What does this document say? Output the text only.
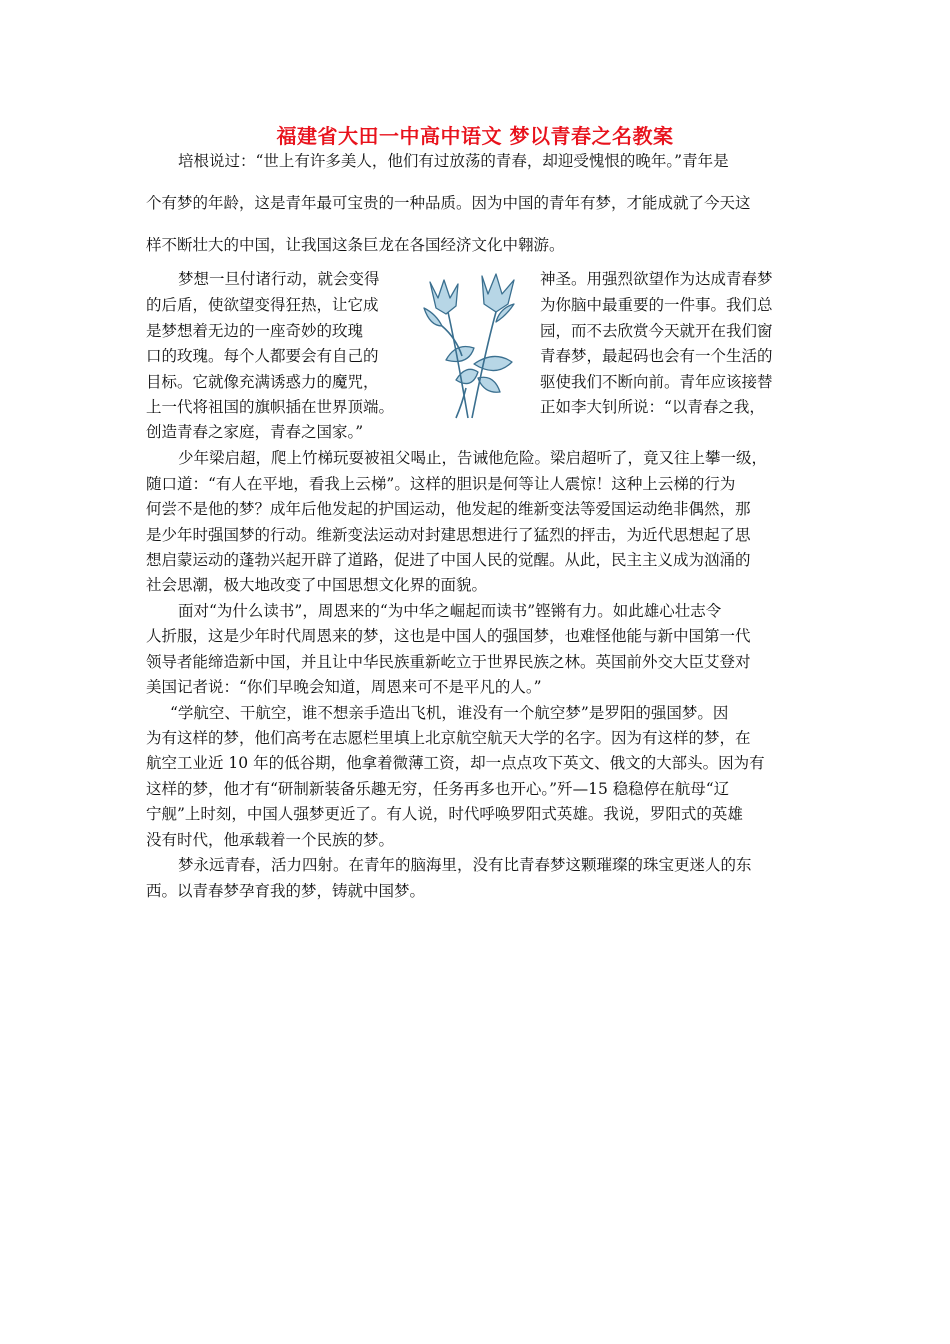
福建省大田一中高中语文 梦以青春之名教案
培根说过：“世上有许多美人，他们有过放荡的青春，却迎受愧恨的晚年。”青年是
个有梦的年龄，这是青年最可宝贵的一种品质。因为中国的青年有梦，才能成就了今天这
样不断壮大的中国，让我国这条巨龙在各国经济文化中翱游。
梦想一旦付诸行动，就会变得
的后盾，使欲望变得狂热，让它成
是梦想着无边的一座奇妙的玫瑰
口的玫瑰。每个人都要会有自己的
目标。它就像充满诱惑力的魔咒，
上一代将祖国的旗帜插在世界顶端。
神圣。用强烈欲望作为达成青春梦
为你脑中最重要的一件事。我们总
园，而不去欣赏今天就开在我们窗
青春梦，最起码也会有一个生活的
驱使我们不断向前。青年应该接替
正如李大钊所说：“以青春之我，
创造青春之家庭，青春之国家。”
少年梁启超，爬上竹梯玩耍被祖父喝止，告诫他危险。梁启超听了，竟又往上攀一级，
随口道：“有人在平地，看我上云梯”。这样的胆识是何等让人震惊！这种上云梯的行为
何尝不是他的梦？成年后他发起的护国运动，他发起的维新变法等爱国运动绝非偶然，那
是少年时强国梦的行动。维新变法运动对封建思想进行了猛烈的抨击，为近代思想起了思
想启蒙运动的蓬勃兴起开辟了道路，促进了中国人民的觉醒。从此，民主主义成为汹涌的
社会思潮，极大地改变了中国思想文化界的面貌。
面对“为什么读书”，周恩来的“为中华之崛起而读书”铿锵有力。如此雄心壮志令
人折服，这是少年时代周恩来的梦，这也是中国人的强国梦，也难怪他能与新中国第一代
领导者能缔造新中国，并且让中华民族重新屹立于世界民族之林。英国前外交大臣艾登对
美国记者说：“你们早晚会知道，周恩来可不是平凡的人。”
“学航空、干航空，谁不想亲手造出飞机，谁没有一个航空梦”是罗阳的强国梦。因
为有这样的梦，他们高考在志愿栏里填上北京航空航天大学的名字。因为有这样的梦，在
航空工业近 10 年的低谷期，他拿着微薄工资，却一点点攻下英文、俄文的大部头。因为有
这样的梦，他才有“研制新装备乐趣无穷，任务再多也开心。”歼—15 稳稳停在航母“辽
宁舰”上时刻，中国人强梦更近了。有人说，时代呼唤罗阳式英雄。我说，罗阳式的英雄
没有时代，他承载着一个民族的梦。
梦永远青春，活力四射。在青年的脑海里，没有比青春梦这颗璀璨的珠宝更迷人的东
西。以青春梦孕育我的梦，铸就中国梦。
